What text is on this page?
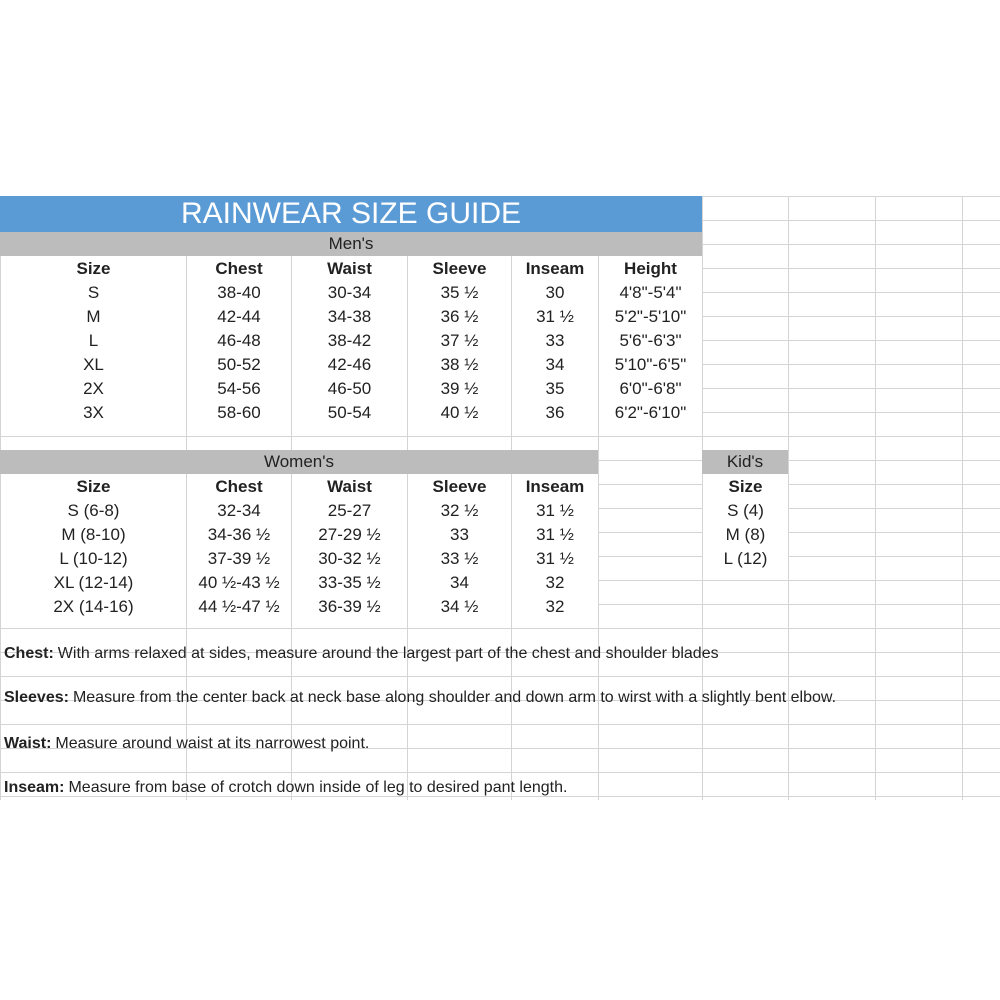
RAINWEAR SIZE GUIDE
Men's
Size	Chest	Waist	Sleeve	Inseam	Height
S	38-40	30-34	35 ½	30	4'8"-5'4"
M	42-44	34-38	36 ½	31 ½	5'2"-5'10"
L	46-48	38-42	37 ½	33	5'6"-6'3"
XL	50-52	42-46	38 ½	34	5'10"-6'5"
2X	54-56	46-50	39 ½	35	6'0"-6'8"
3X	58-60	50-54	40 ½	36	6'2"-6'10"
Women's	Kid's
Size	Chest	Waist	Sleeve	Inseam
S (6-8)	32-34	25-27	32 ½	31 ½
M (8-10)	34-36 ½	27-29 ½	33	31 ½
L (10-12)	37-39 ½	30-32 ½	33 ½	31 ½
XL (12-14)	40 ½-43 ½	33-35 ½	34	32
2X (14-16)	44 ½-47 ½	36-39 ½	34 ½	32
Size
S (4)
M (8)
L (12)
Chest: With arms relaxed at sides, measure around the largest part of the chest and shoulder blades
Sleeves: Measure from the center back at neck base along shoulder and down arm to wirst with a slightly bent elbow.
Waist: Measure around waist at its narrowest point.
Inseam: Measure from base of crotch down inside of leg to desired pant length.
